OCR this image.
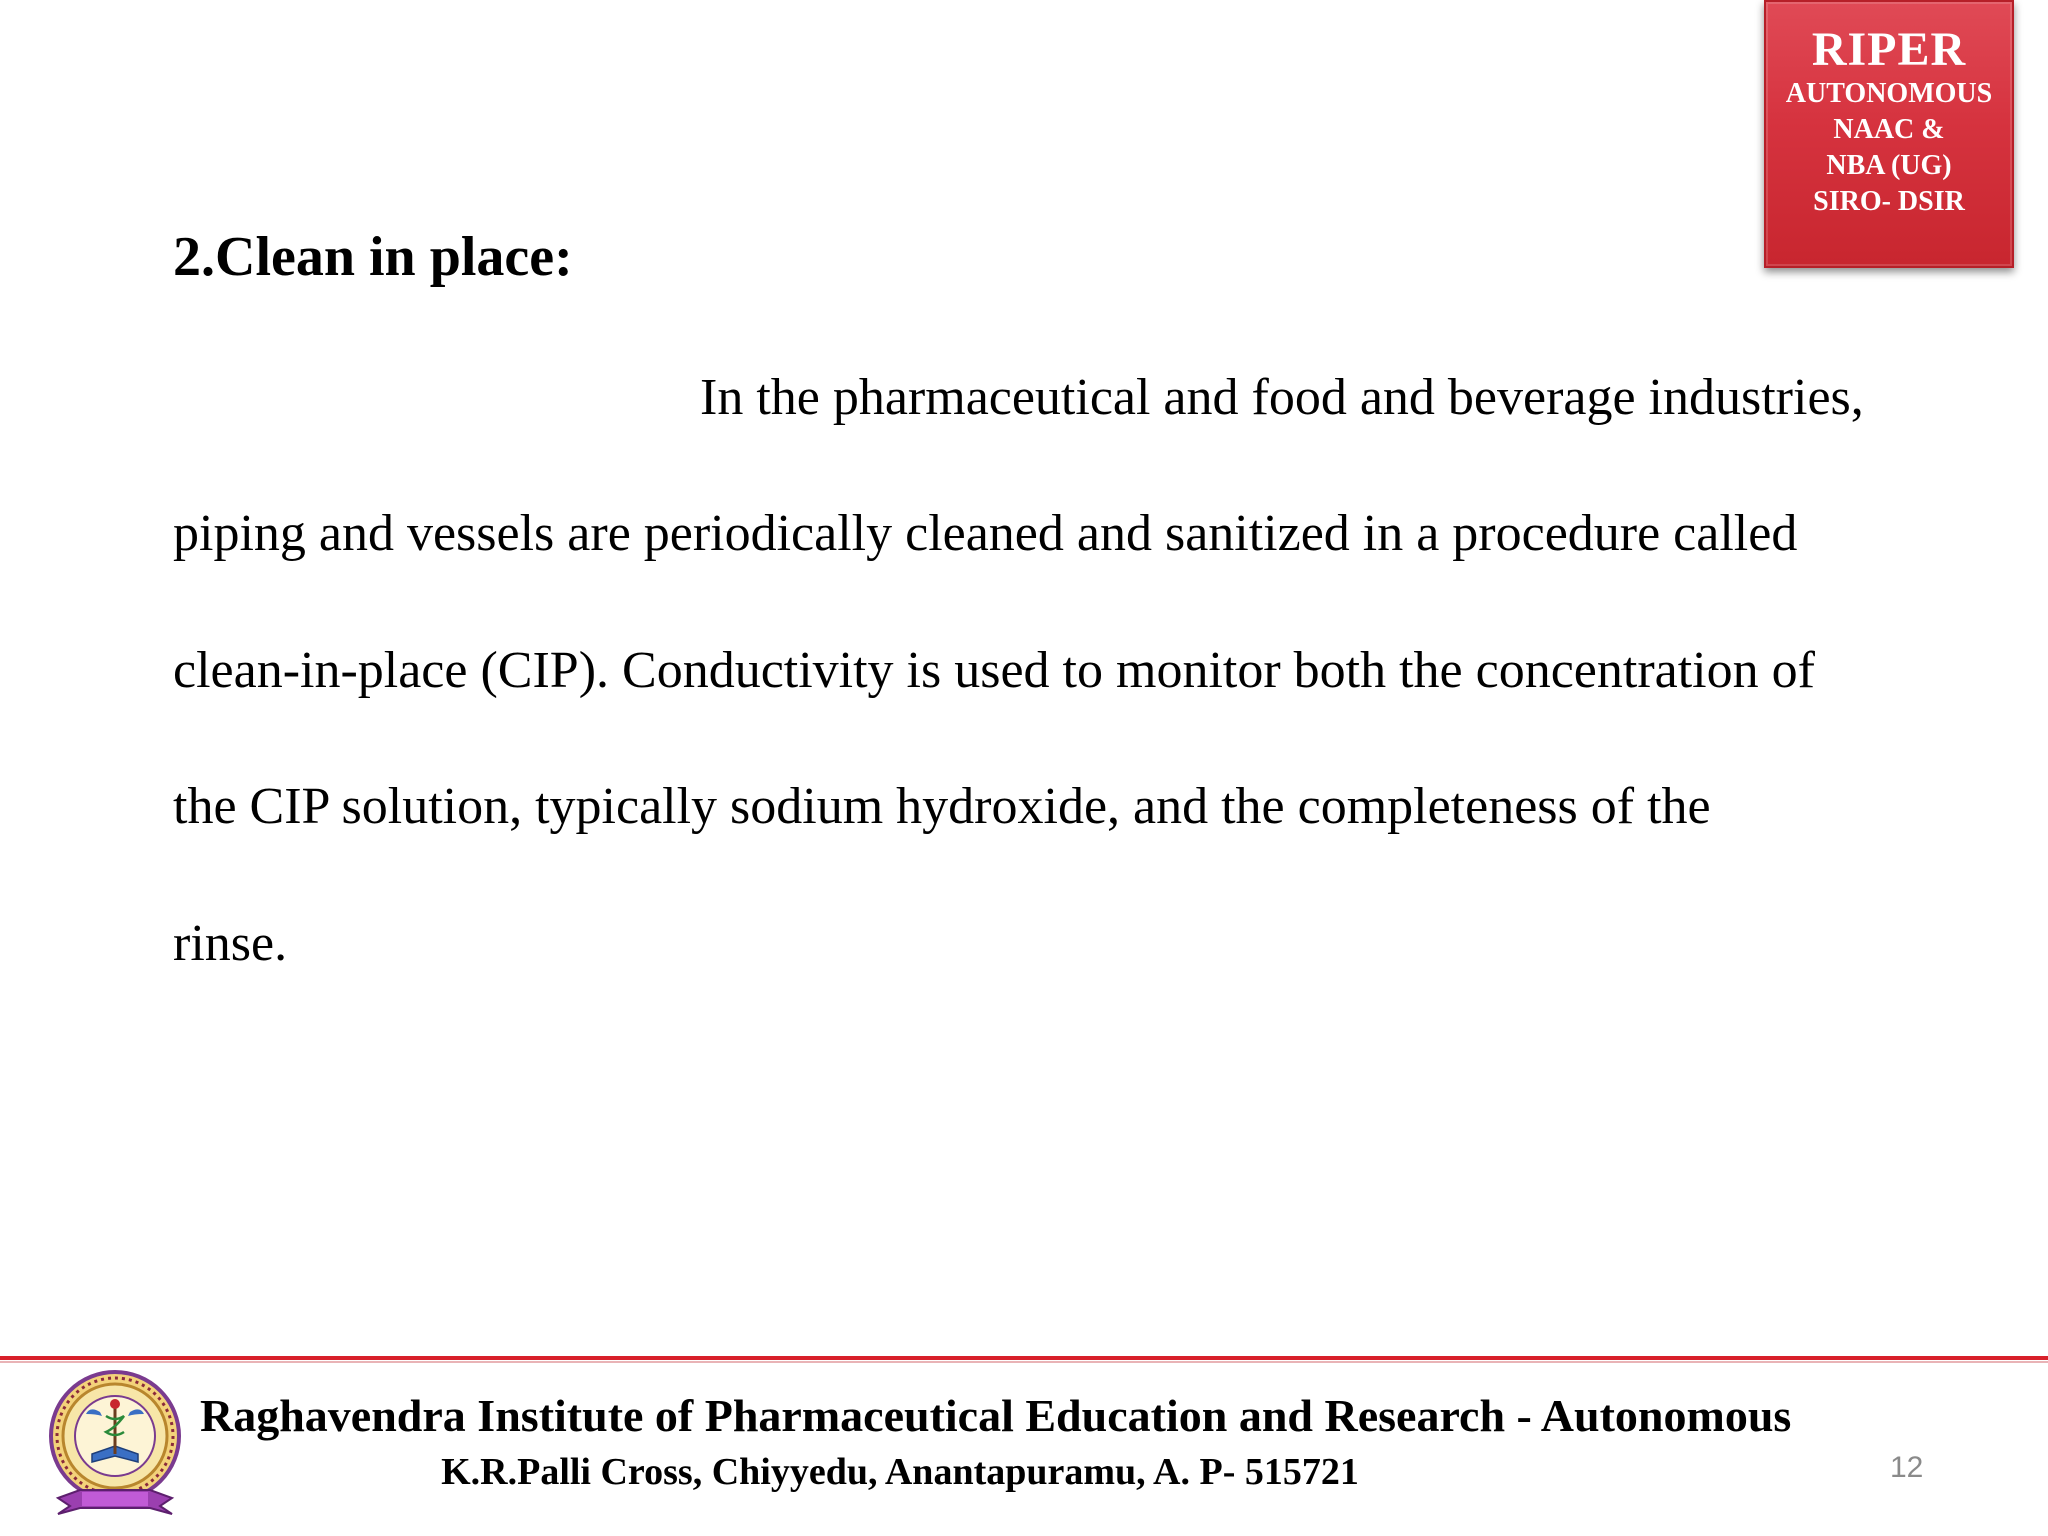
RIPER
AUTONOMOUS
NAAC &
NBA (UG)
SIRO- DSIR
2.Clean in place:
In the pharmaceutical and food and beverage industries,
piping and vessels are periodically cleaned and sanitized in a procedure called
clean-in-place (CIP). Conductivity is used to monitor both the concentration of
the CIP solution, typically sodium hydroxide, and the completeness of the
rinse.
Raghavendra Institute of Pharmaceutical Education and Research - Autonomous
K.R.Palli Cross, Chiyyedu, Anantapuramu, A. P- 515721	12
